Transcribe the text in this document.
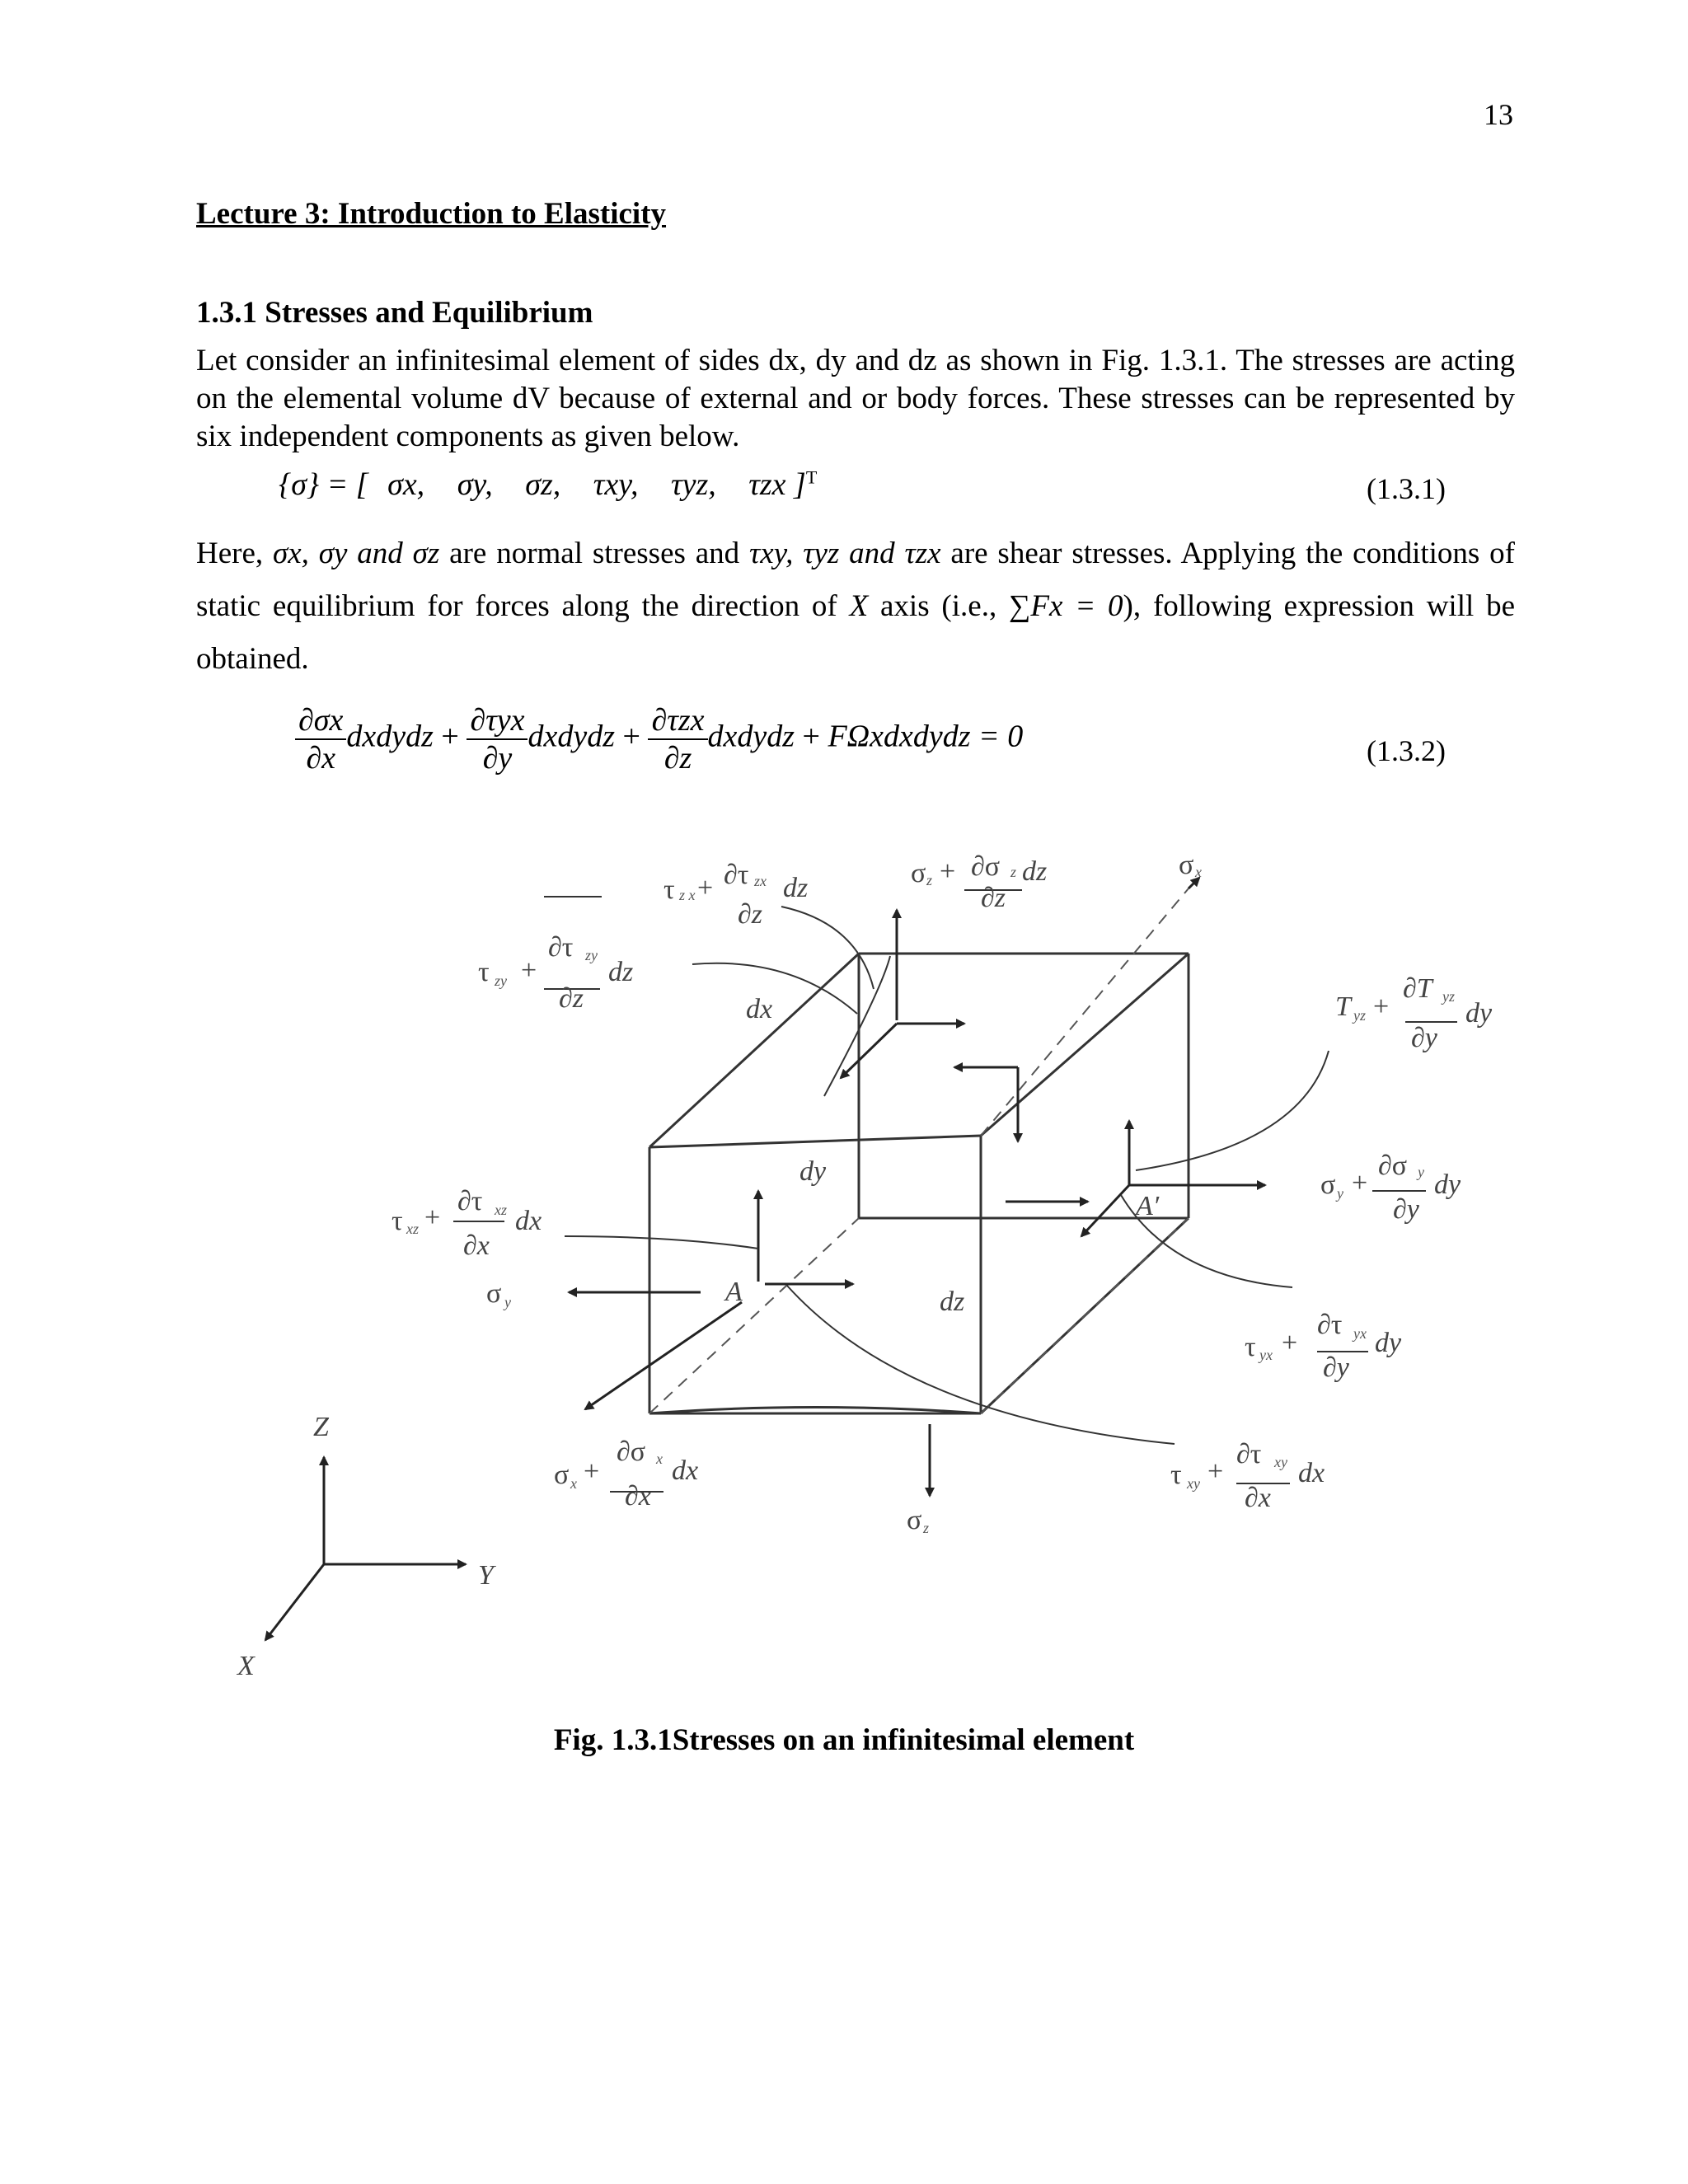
13
Lecture 3: Introduction to Elasticity
1.3.1 Stresses and Equilibrium
Let consider an infinitesimal element of sides dx, dy and dz as shown in Fig. 1.3.1. The stresses are acting on the elemental volume dV because of external and or body forces. These stresses can be represented by six independent components as given below.
{σ} = [ σx, σy, σz, τxy, τyz, τzx ]$^T$	(1.3.1)
Here, σx, σy and σz are normal stresses and τxy, τyz and τzx are shear stresses. Applying the conditions of static equilibrium for forces along the direction of X axis (i.e., ∑Fx = 0), following expression will be obtained.
$\frac{\partial\sigma x}{\partial x}$ dxdydz + $\frac{\text{∂τyx}}{\partial y}$ dxdydz + $\frac{\text{∂τzx}}{\partial z}$ dxdydz + FΩxdxdydz = 0	(1.3.2)
τ z x + ∂τ zx dz
∂z
σ z + ∂σ z dz
∂z
σ x
τ zy +
∂τ zy
dz
∂z	dx
dy
dz
T yz +
∂T yz
dy
∂y
σ y +
∂σ y dy
∂y
τ xz +
∂τ xz dx
∂x
σ y	A
A′
τ yx +
∂τ yx dy
∂y
σ x +
∂σ x dx
∂x
σ z
τ xy +
∂τ xy dx
∂x
Z
Y
X
Fig. 1.3.1Stresses on an infinitesimal element
